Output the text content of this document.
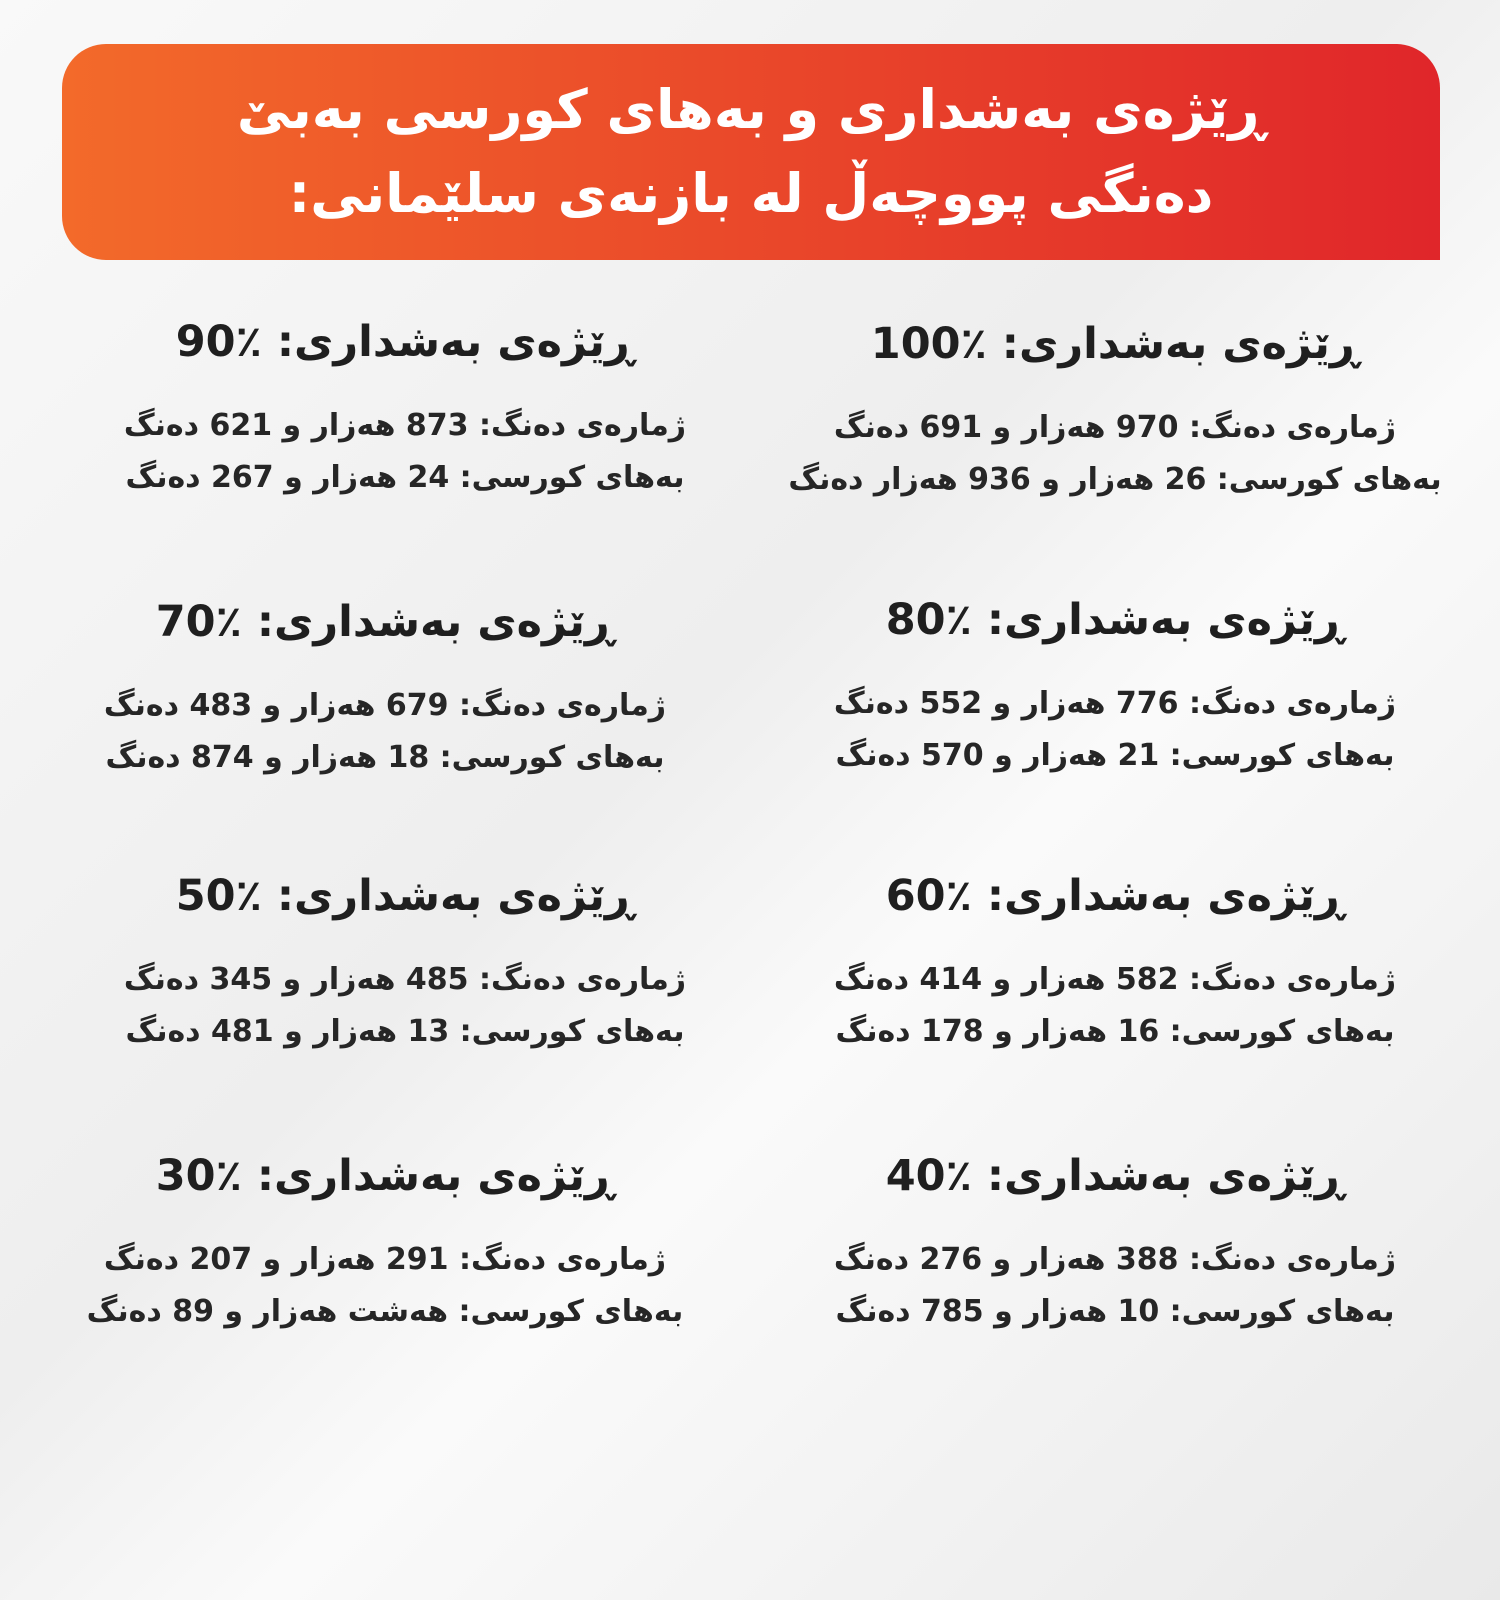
ڕێژەی بەشداری و بەهای کورسی بەبێ
دەنگی پووچەڵ لە بازنەی سلێمانی:
ڕێژەی بەشداری: ٪100
ژمارەی دەنگ: 970 هەزار و 691 دەنگ
بەهای کورسی: 26 هەزار و 936 هەزار دەنگ
ڕێژەی بەشداری: ٪90
ژمارەی دەنگ: 873 هەزار و 621 دەنگ
بەهای کورسی: 24 هەزار و 267 دەنگ
ڕێژەی بەشداری: ٪80
ژمارەی دەنگ: 776 هەزار و 552 دەنگ
بەهای کورسی: 21 هەزار و 570 دەنگ
ڕێژەی بەشداری: ٪70
ژمارەی دەنگ: 679 هەزار و 483 دەنگ
بەهای کورسی: 18 هەزار و 874 دەنگ
ڕێژەی بەشداری: ٪60
ژمارەی دەنگ: 582 هەزار و 414 دەنگ
بەهای کورسی: 16 هەزار و 178 دەنگ
ڕێژەی بەشداری: ٪50
ژمارەی دەنگ: 485 هەزار و 345 دەنگ
بەهای کورسی: 13 هەزار و 481 دەنگ
ڕێژەی بەشداری: ٪40
ژمارەی دەنگ: 388 هەزار و 276 دەنگ
بەهای کورسی: 10 هەزار و 785 دەنگ
ڕێژەی بەشداری: ٪30
ژمارەی دەنگ: 291 هەزار و 207 دەنگ
بەهای کورسی: هەشت هەزار و 89 دەنگ
